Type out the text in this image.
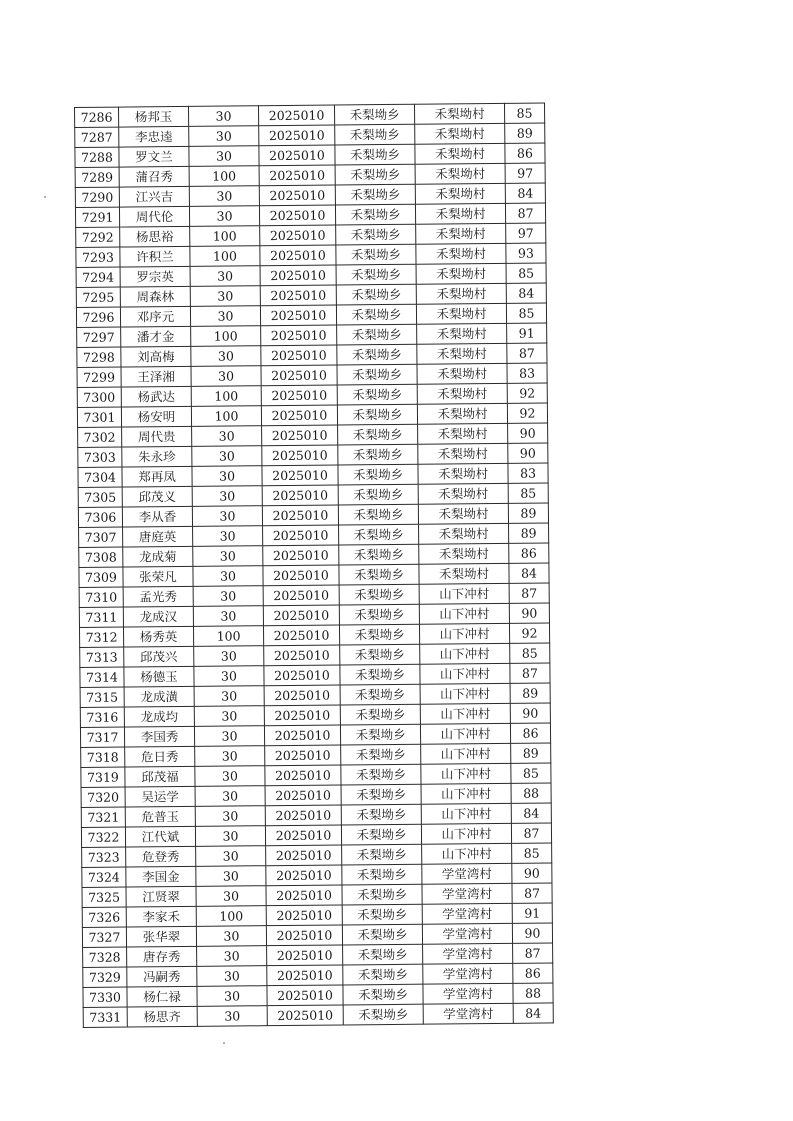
7286	杨邦玉	30	2025010	禾梨坳乡	禾梨坳村	85
7287	李忠逵	30	2025010	禾梨坳乡	禾梨坳村	89
7288	罗文兰	30	2025010	禾梨坳乡	禾梨坳村	86
7289	蒲召秀	100	2025010	禾梨坳乡	禾梨坳村	97
7290	江兴吉	30	2025010	禾梨坳乡	禾梨坳村	84
7291	周代伦	30	2025010	禾梨坳乡	禾梨坳村	87
7292	杨思裕	100	2025010	禾梨坳乡	禾梨坳村	97
7293	许积兰	100	2025010	禾梨坳乡	禾梨坳村	93
7294	罗宗英	30	2025010	禾梨坳乡	禾梨坳村	85
7295	周森林	30	2025010	禾梨坳乡	禾梨坳村	84
7296	邓序元	30	2025010	禾梨坳乡	禾梨坳村	85
7297	潘才金	100	2025010	禾梨坳乡	禾梨坳村	91
7298	刘高梅	30	2025010	禾梨坳乡	禾梨坳村	87
7299	王泽湘	30	2025010	禾梨坳乡	禾梨坳村	83
7300	杨武达	100	2025010	禾梨坳乡	禾梨坳村	92
7301	杨安明	100	2025010	禾梨坳乡	禾梨坳村	92
7302	周代贵	30	2025010	禾梨坳乡	禾梨坳村	90
7303	朱永珍	30	2025010	禾梨坳乡	禾梨坳村	90
7304	郑再凤	30	2025010	禾梨坳乡	禾梨坳村	83
7305	邱茂义	30	2025010	禾梨坳乡	禾梨坳村	85
7306	李从香	30	2025010	禾梨坳乡	禾梨坳村	89
7307	唐庭英	30	2025010	禾梨坳乡	禾梨坳村	89
7308	龙成菊	30	2025010	禾梨坳乡	禾梨坳村	86
7309	张荣凡	30	2025010	禾梨坳乡	禾梨坳村	84
7310	孟光秀	30	2025010	禾梨坳乡	山下冲村	87
7311	龙成汉	30	2025010	禾梨坳乡	山下冲村	90
7312	杨秀英	100	2025010	禾梨坳乡	山下冲村	92
7313	邱茂兴	30	2025010	禾梨坳乡	山下冲村	85
7314	杨德玉	30	2025010	禾梨坳乡	山下冲村	87
7315	龙成潢	30	2025010	禾梨坳乡	山下冲村	89
7316	龙成均	30	2025010	禾梨坳乡	山下冲村	90
7317	李国秀	30	2025010	禾梨坳乡	山下冲村	86
7318	危日秀	30	2025010	禾梨坳乡	山下冲村	89
7319	邱茂福	30	2025010	禾梨坳乡	山下冲村	85
7320	吴运学	30	2025010	禾梨坳乡	山下冲村	88
7321	危普玉	30	2025010	禾梨坳乡	山下冲村	84
7322	江代斌	30	2025010	禾梨坳乡	山下冲村	87
7323	危登秀	30	2025010	禾梨坳乡	山下冲村	85
7324	李国金	30	2025010	禾梨坳乡	学堂湾村	90
7325	江贤翠	30	2025010	禾梨坳乡	学堂湾村	87
7326	李家禾	100	2025010	禾梨坳乡	学堂湾村	91
7327	张华翠	30	2025010	禾梨坳乡	学堂湾村	90
7328	唐存秀	30	2025010	禾梨坳乡	学堂湾村	87
7329	冯嗣秀	30	2025010	禾梨坳乡	学堂湾村	86
7330	杨仁禄	30	2025010	禾梨坳乡	学堂湾村	88
7331	杨思齐	30	2025010	禾梨坳乡	学堂湾村	84
